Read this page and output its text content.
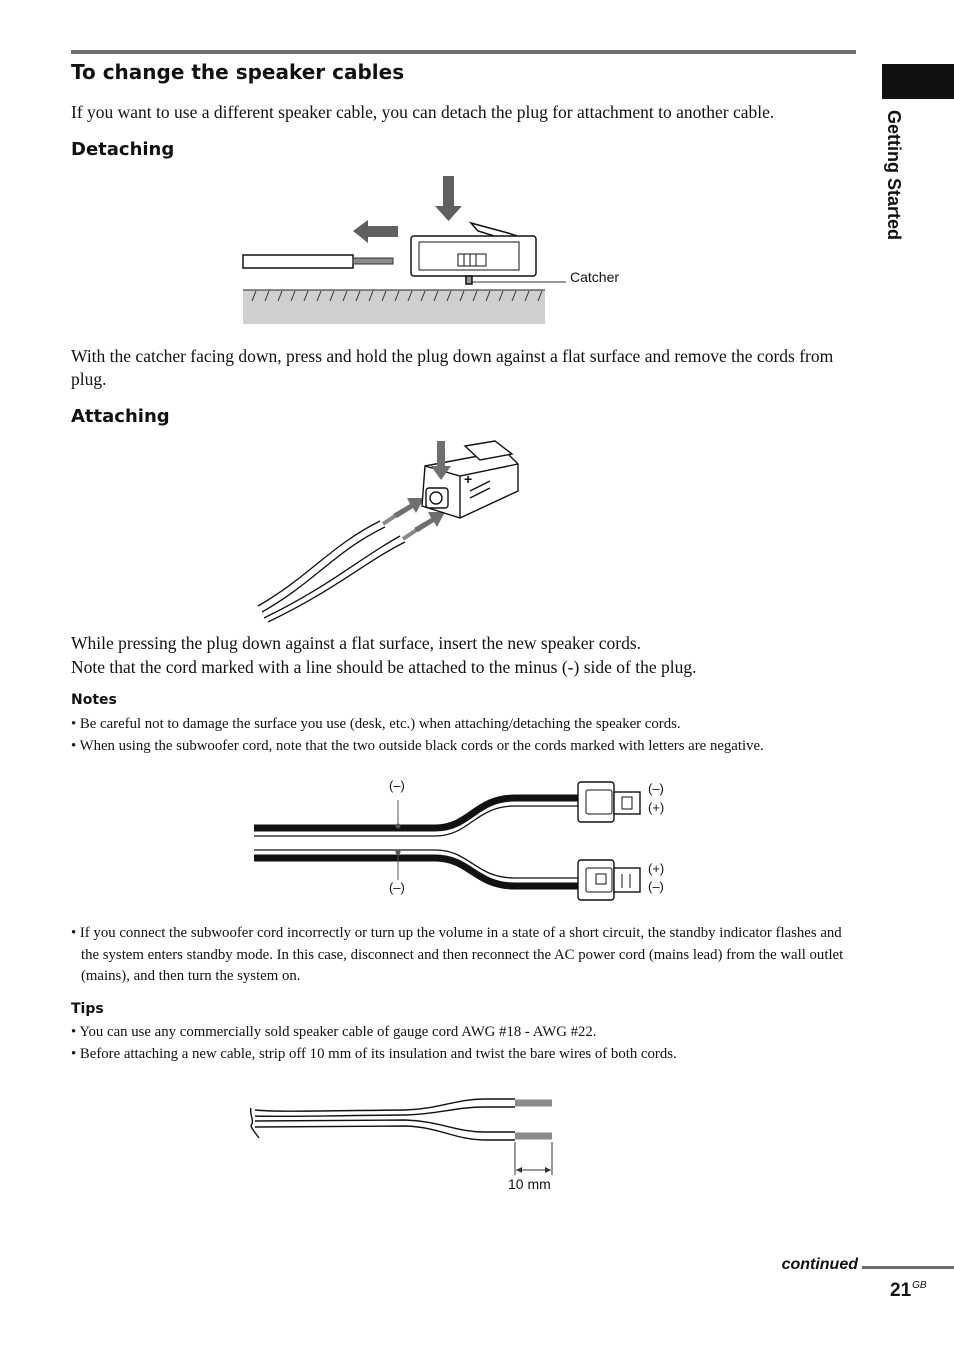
Getting Started
To change the speaker cables
If you want to use a different speaker cable, you can detach the plug for attachment to another cable.
Detaching
Catcher
With the catcher facing down, press and hold the plug down against a flat surface and remove the cords from plug.
Attaching
+
While pressing the plug down against a flat surface, insert the new speaker cords.
Note that the cord marked with a line should be attached to the minus (-) side of the plug.
Notes

• Be careful not to damage the surface you use (desk, etc.) when attaching/detaching the speaker cords.

• When using the subwoofer cord, note that the two outside black cords or the cords marked with letters are negative.

(–)
(–)
(–)
(+)
(+)
(–)

• If you connect the subwoofer cord incorrectly or turn up the volume in a state of a short circuit, the standby indicator flashes and the system enters standby mode. In this case, disconnect and then reconnect the AC power cord (mains lead) from the wall outlet (mains), and then turn the system on.

Tips

• You can use any commercially sold speaker cable of gauge cord AWG #18 - AWG #22.

• Before attaching a new cable, strip off 10 mm of its insulation and twist the bare wires of both cords.

10 mm
continued
$21^{GB}$
